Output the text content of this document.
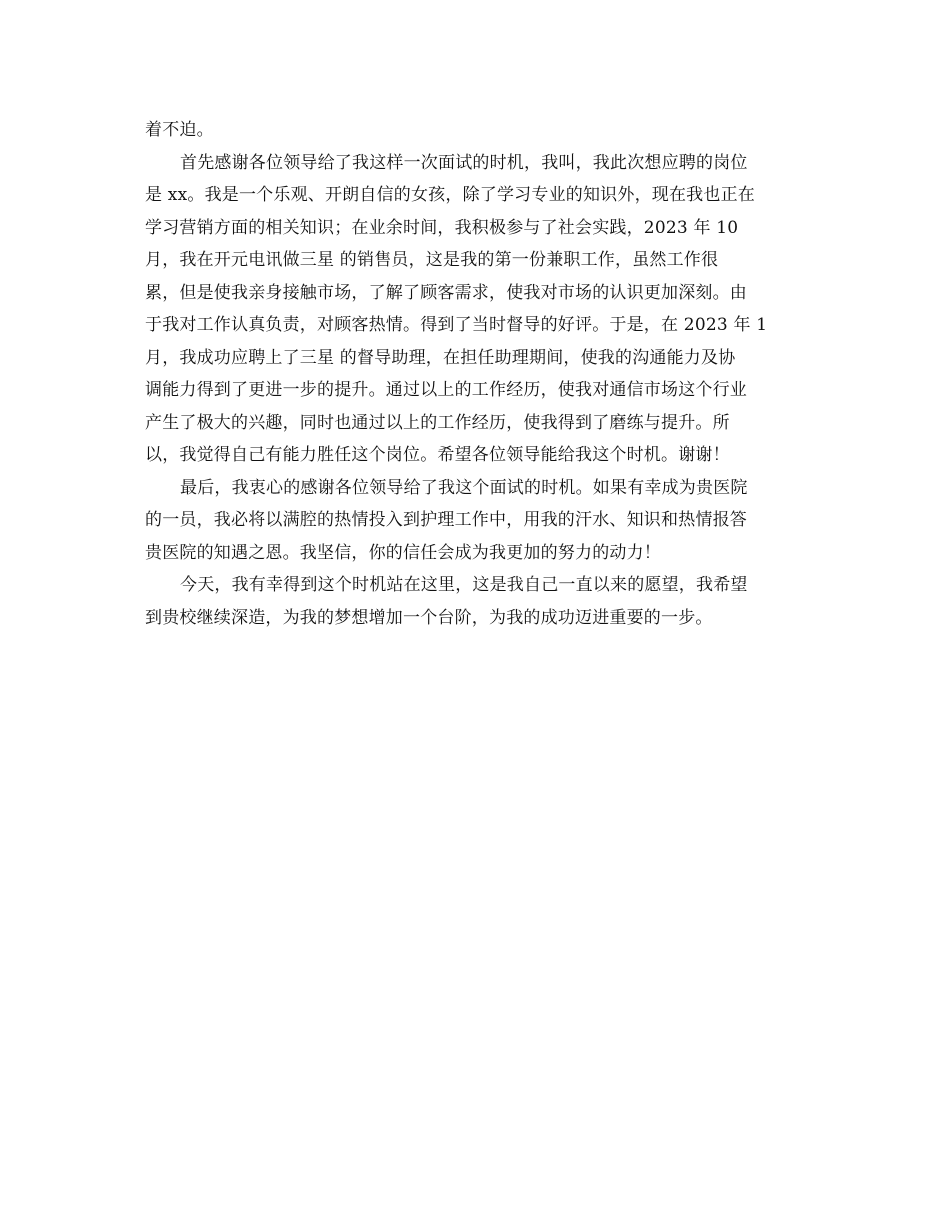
着不迫。
首先感谢各位领导给了我这样一次面试的时机，我叫，我此次想应聘的岗位
是 xx。我是一个乐观、开朗自信的女孩，除了学习专业的知识外，现在我也正在
学习营销方面的相关知识；在业余时间，我积极参与了社会实践，2023 年 10
月，我在开元电讯做三星 的销售员，这是我的第一份兼职工作，虽然工作很
累，但是使我亲身接触市场，了解了顾客需求，使我对市场的认识更加深刻。由
于我对工作认真负责，对顾客热情。得到了当时督导的好评。于是，在 2023 年 1
月，我成功应聘上了三星 的督导助理，在担任助理期间，使我的沟通能力及协
调能力得到了更进一步的提升。通过以上的工作经历，使我对通信市场这个行业
产生了极大的兴趣，同时也通过以上的工作经历，使我得到了磨练与提升。所
以，我觉得自己有能力胜任这个岗位。希望各位领导能给我这个时机。谢谢！
最后，我衷心的感谢各位领导给了我这个面试的时机。如果有幸成为贵医院
的一员，我必将以满腔的热情投入到护理工作中，用我的汗水、知识和热情报答
贵医院的知遇之恩。我坚信，你的信任会成为我更加的努力的动力！
今天，我有幸得到这个时机站在这里，这是我自己一直以来的愿望，我希望
到贵校继续深造，为我的梦想增加一个台阶，为我的成功迈进重要的一步。
